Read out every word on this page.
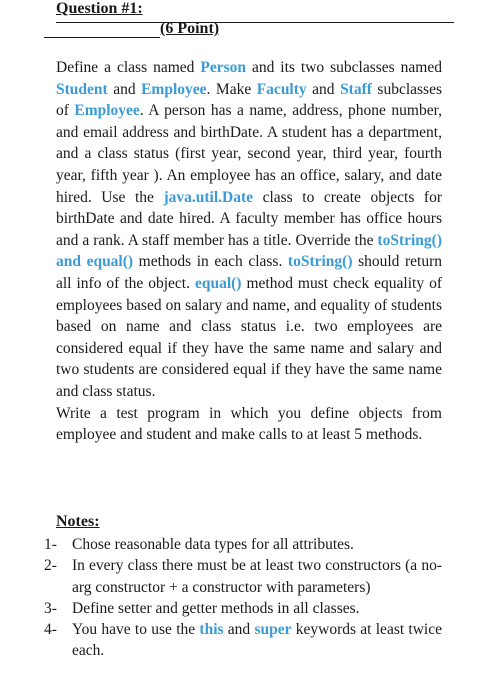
Question #1:
(6 Point)

Define a class named Person and its two subclasses named Student and Employee. Make Faculty and Staff subclasses of Employee. A person has a name, address, phone number, and email address and birthDate. A student has a department, and a class status (first year, second year, third year, fourth year, fifth year ). An employee has an office, salary, and date hired. Use the java.util.Date class to create objects for birthDate and date hired. A faculty member has office hours and a rank. A staff member has a title. Override the toString() and equal() methods in each class. toString() should return all info of the object. equal() method must check equality of employees based on salary and name, and equality of students based on name and class status i.e. two employees are considered equal if they have the same name and salary and two students are considered equal if they have the same name and class status.

Write a test program in which you define objects from employee and student and make calls to at least 5 methods.

Notes:
1- Chose reasonable data types for all attributes.
2- In every class there must be at least two constructors (a no-arg constructor + a constructor with parameters)
3- Define setter and getter methods in all classes.
4- You have to use the this and super keywords at least twice each.
